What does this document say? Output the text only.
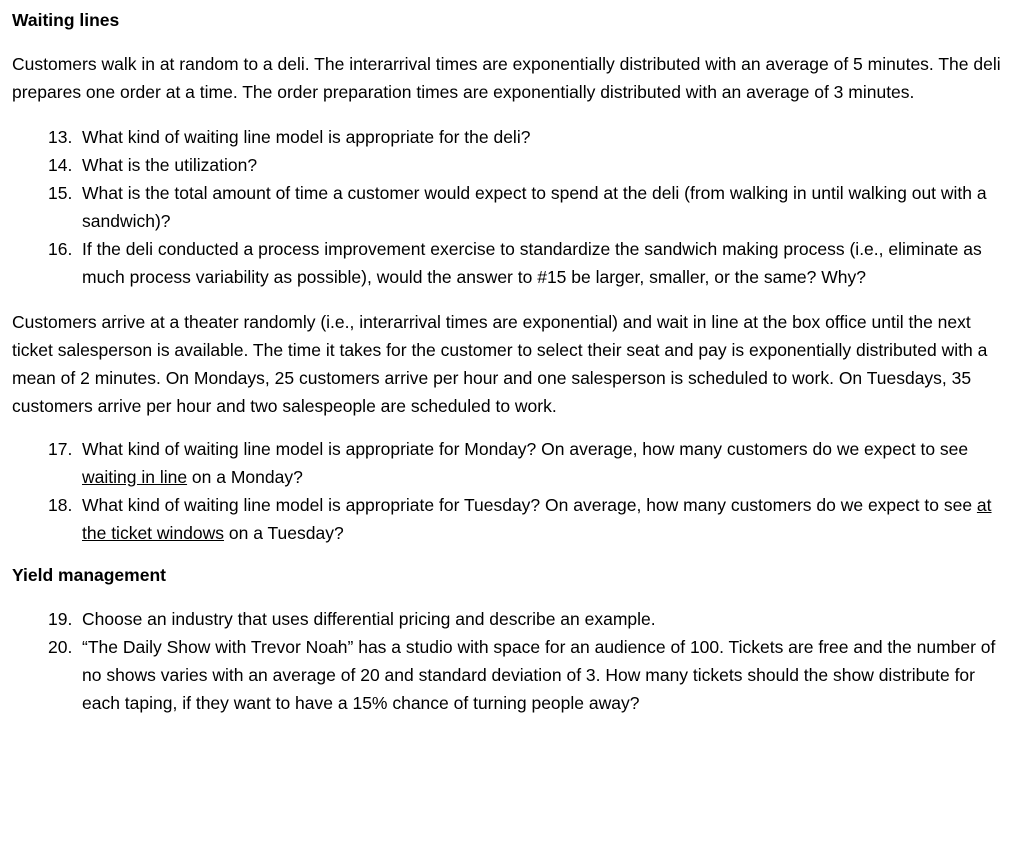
Waiting lines

Customers walk in at random to a deli. The interarrival times are exponentially distributed with an average of 5 minutes. The deli prepares one order at a time. The order preparation times are exponentially distributed with an average of 3 minutes.

13. What kind of waiting line model is appropriate for the deli?
14. What is the utilization?
15. What is the total amount of time a customer would expect to spend at the deli (from walking in until walking out with a sandwich)?
16. If the deli conducted a process improvement exercise to standardize the sandwich making process (i.e., eliminate as much process variability as possible), would the answer to #15 be larger, smaller, or the same? Why?

Customers arrive at a theater randomly (i.e., interarrival times are exponential) and wait in line at the box office until the next ticket salesperson is available. The time it takes for the customer to select their seat and pay is exponentially distributed with a mean of 2 minutes. On Mondays, 25 customers arrive per hour and one salesperson is scheduled to work. On Tuesdays, 35 customers arrive per hour and two salespeople are scheduled to work.

17. What kind of waiting line model is appropriate for Monday? On average, how many customers do we expect to see waiting in line on a Monday?
18. What kind of waiting line model is appropriate for Tuesday? On average, how many customers do we expect to see at the ticket windows on a Tuesday?
Yield management
19. Choose an industry that uses differential pricing and describe an example.
20. “The Daily Show with Trevor Noah” has a studio with space for an audience of 100. Tickets are free and the number of no shows varies with an average of 20 and standard deviation of 3. How many tickets should the show distribute for each taping, if they want to have a 15% chance of turning people away?
